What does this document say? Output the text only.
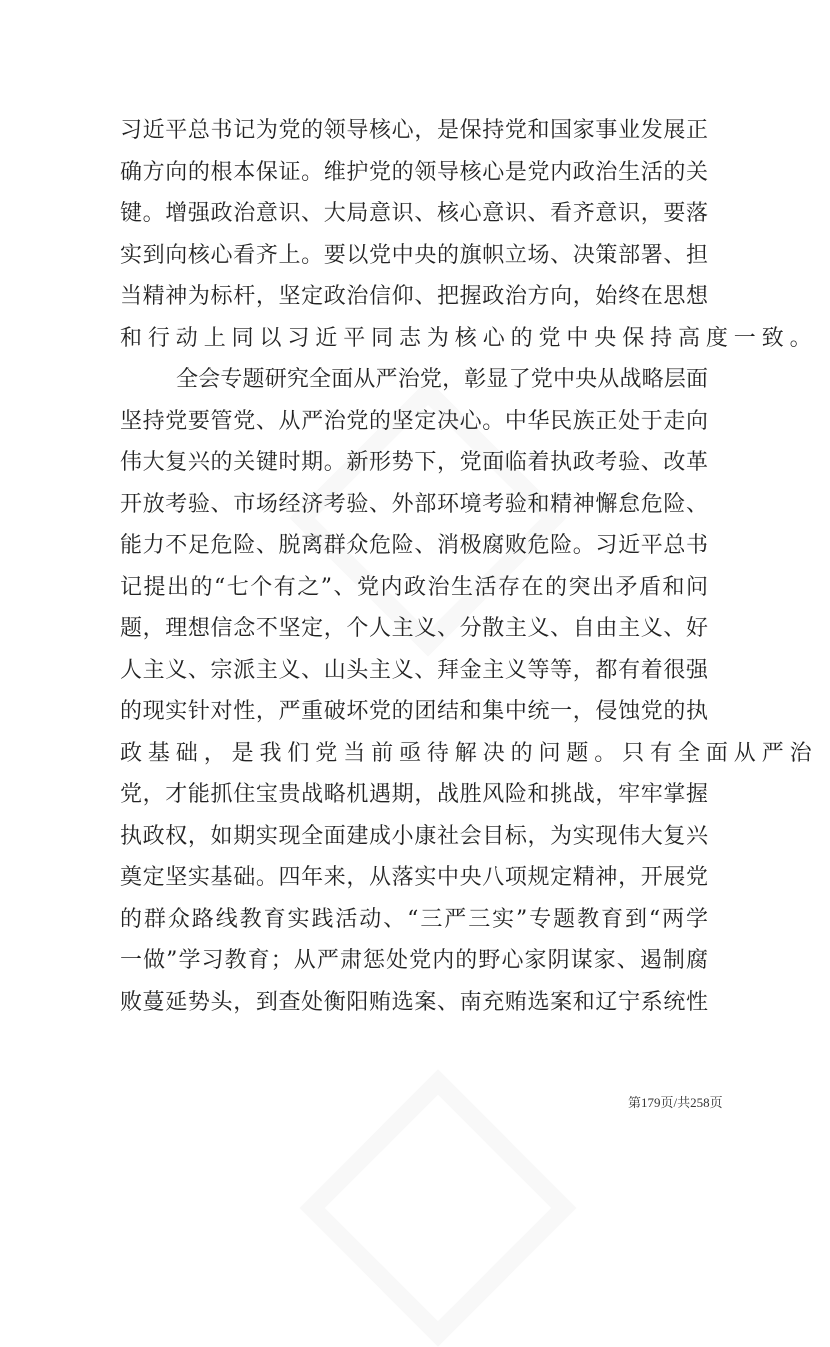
习近平总书记为党的领导核心，是保持党和国家事业发展正
确方向的根本保证。维护党的领导核心是党内政治生活的关
键。增强政治意识、大局意识、核心意识、看齐意识，要落
实到向核心看齐上。要以党中央的旗帜立场、决策部署、担
当精神为标杆，坚定政治信仰、把握政治方向，始终在思想
和行动上同以习近平同志为核心的党中央保持高度一致。
全会专题研究全面从严治党，彰显了党中央从战略层面
坚持党要管党、从严治党的坚定决心。中华民族正处于走向
伟大复兴的关键时期。新形势下，党面临着执政考验、改革
开放考验、市场经济考验、外部环境考验和精神懈怠危险、
能力不足危险、脱离群众危险、消极腐败危险。习近平总书
记提出的“七个有之”、党内政治生活存在的突出矛盾和问
题，理想信念不坚定，个人主义、分散主义、自由主义、好
人主义、宗派主义、山头主义、拜金主义等等，都有着很强
的现实针对性，严重破坏党的团结和集中统一，侵蚀党的执
政基础，是我们党当前亟待解决的问题。只有全面从严治
党，才能抓住宝贵战略机遇期，战胜风险和挑战，牢牢掌握
执政权，如期实现全面建成小康社会目标，为实现伟大复兴
奠定坚实基础。四年来，从落实中央八项规定精神，开展党
的群众路线教育实践活动、“三严三实”专题教育到“两学
一做”学习教育；从严肃惩处党内的野心家阴谋家、遏制腐
败蔓延势头，到查处衡阳贿选案、南充贿选案和辽宁系统性
第179页/共258页
